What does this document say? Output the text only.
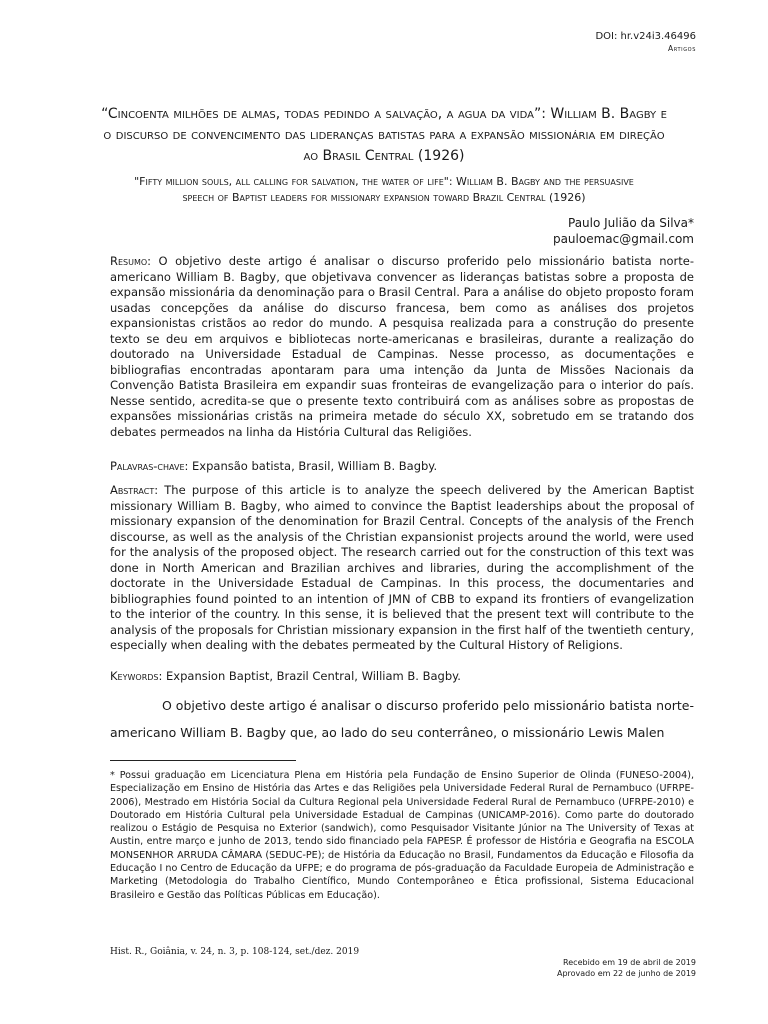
DOI: hr.v24i3.46496
Artigos
“Cincoenta milhões de almas, todas pedindo a salvação, a agua da vida”: William B. Bagby e o discurso de convencimento das lideranças batistas para a expansão missionária em direção ao Brasil Central (1926)
"Fifty million souls, all calling for salvation, the water of life": William B. Bagby and the persuasive speech of Baptist leaders for missionary expansion toward Brazil Central (1926)
Paulo Julião da Silva*
pauloemac@gmail.com
Resumo: O objetivo deste artigo é analisar o discurso proferido pelo missionário batista norte-americano William B. Bagby, que objetivava convencer as lideranças batistas sobre a proposta de expansão missionária da denominação para o Brasil Central. Para a análise do objeto proposto foram usadas concepções da análise do discurso francesa, bem como as análises dos projetos expansionistas cristãos ao redor do mundo. A pesquisa realizada para a construção do presente texto se deu em arquivos e bibliotecas norte-americanas e brasileiras, durante a realização do doutorado na Universidade Estadual de Campinas. Nesse processo, as documentações e bibliografias encontradas apontaram para uma intenção da Junta de Missões Nacionais da Convenção Batista Brasileira em expandir suas fronteiras de evangelização para o interior do país. Nesse sentido, acredita-se que o presente texto contribuirá com as análises sobre as propostas de expansões missionárias cristãs na primeira metade do século XX, sobretudo em se tratando dos debates permeados na linha da História Cultural das Religiões.
Palavras-chave: Expansão batista, Brasil, William B. Bagby.
Abstract: The purpose of this article is to analyze the speech delivered by the American Baptist missionary William B. Bagby, who aimed to convince the Baptist leaderships about the proposal of missionary expansion of the denomination for Brazil Central. Concepts of the analysis of the French discourse, as well as the analysis of the Christian expansionist projects around the world, were used for the analysis of the proposed object. The research carried out for the construction of this text was done in North American and Brazilian archives and libraries, during the accomplishment of the doctorate in the Universidade Estadual de Campinas. In this process, the documentaries and bibliographies found pointed to an intention of JMN of CBB to expand its frontiers of evangelization to the interior of the country. In this sense, it is believed that the present text will contribute to the analysis of the proposals for Christian missionary expansion in the first half of the twentieth century, especially when dealing with the debates permeated by the Cultural History of Religions.
Keywords: Expansion Baptist, Brazil Central, William B. Bagby.
O objetivo deste artigo é analisar o discurso proferido pelo missionário batista norte-americano William B. Bagby que, ao lado do seu conterrâneo, o missionário Lewis Malen
* Possui graduação em Licenciatura Plena em História pela Fundação de Ensino Superior de Olinda (FUNESO-2004), Especialização em Ensino de História das Artes e das Religiões pela Universidade Federal Rural de Pernambuco (UFRPE-2006), Mestrado em História Social da Cultura Regional pela Universidade Federal Rural de Pernambuco (UFRPE-2010) e Doutorado em História Cultural pela Universidade Estadual de Campinas (UNICAMP-2016). Como parte do doutorado realizou o Estágio de Pesquisa no Exterior (sandwich), como Pesquisador Visitante Júnior na The University of Texas at Austin, entre março e junho de 2013, tendo sido financiado pela FAPESP. É professor de História e Geografia na ESCOLA MONSENHOR ARRUDA CÂMARA (SEDUC-PE); de História da Educação no Brasil, Fundamentos da Educação e Filosofia da Educação I no Centro de Educação da UFPE; e do programa de pós-graduação da Faculdade Europeia de Administração e Marketing (Metodologia do Trabalho Científico, Mundo Contemporâneo e Ética profissional, Sistema Educacional Brasileiro e Gestão das Políticas Públicas em Educação).
Hist. R., Goiânia, v. 24, n. 3, p. 108-124, set./dez. 2019
Recebido em 19 de abril de 2019
Aprovado em 22 de junho de 2019
